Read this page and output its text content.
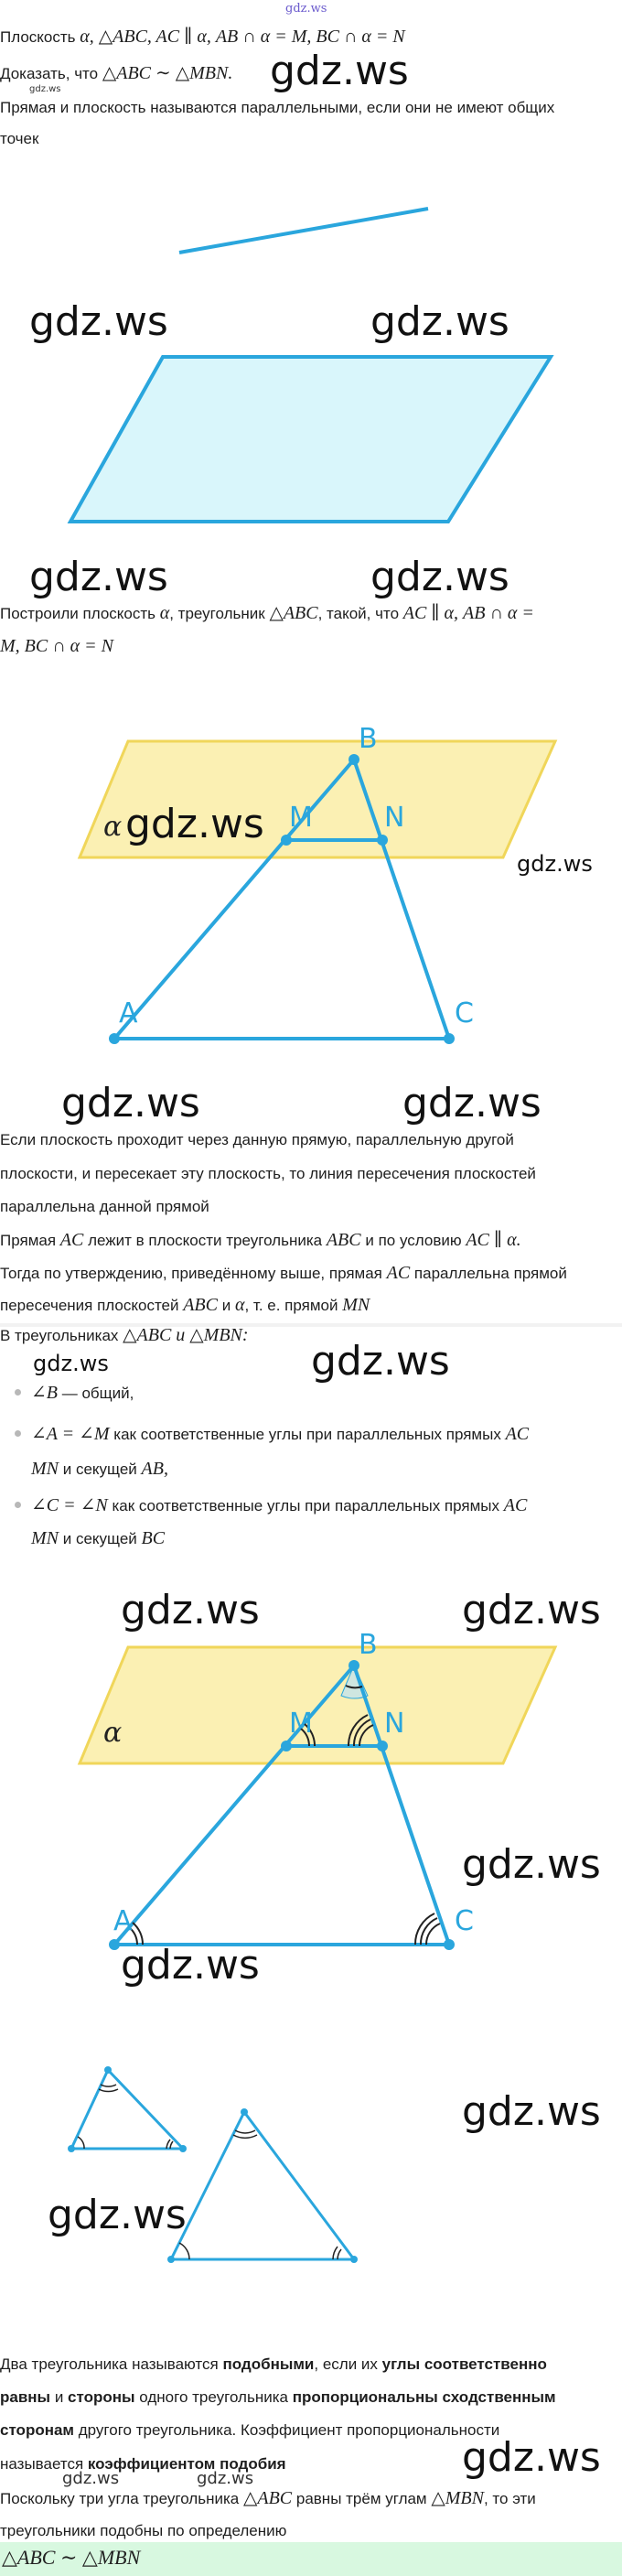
gdz.ws
Плоскость α, △ABC, AC ∥ α, AB ∩ α = M, BC ∩ α = N
Доказать, что △ABC ∼ △MBN. gdz.ws
gdz.ws
Прямая и плоскость называются параллельными, если они не имеют общих
точек
gdz.ws	gdz.ws
gdz.ws	gdz.ws
Построили плоскость α, треугольник △ABC, такой, что AC ∥ α, AB ∩ α =
M, BC ∩ α = N
B
M	N
A	C
α gdz.ws
gdz.ws
gdz.ws	gdz.ws
Если плоскость проходит через данную прямую, параллельную другой
плоскости, и пересекает эту плоскость, то линия пересечения плоскостей
параллельна данной прямой
Прямая AC лежит в плоскости треугольника ABC и по условию AC ∥ α.
Тогда по утверждению, приведённому выше, прямая AC параллельна прямой
пересечения плоскостей ABC и α, т. е. прямой MN
В треугольниках △ABC и △MBN:
gdz.ws	gdz.ws
∠B — общий,
∠A = ∠M как соответственные углы при параллельных прямых AC
MN и секущей AB,
∠C = ∠N как соответственные углы при параллельных прямых AC
MN и секущей BC
gdz.ws	gdz.ws
B
M	N
A	C
α
gdz.ws
gdz.ws
gdz.ws
gdz.ws
Два треугольника называются подобными, если их углы соответственно
равны и стороны одного треугольника пропорциональны сходственным
сторонам другого треугольника. Коэффициент пропорциональности
называется коэффициентом подобия	gdz.ws
gdz.ws	gdz.ws
Поскольку три угла треугольника △ABC равны трём углам △MBN, то эти
треугольники подобны по определению
△ABC ∼ △MBN
